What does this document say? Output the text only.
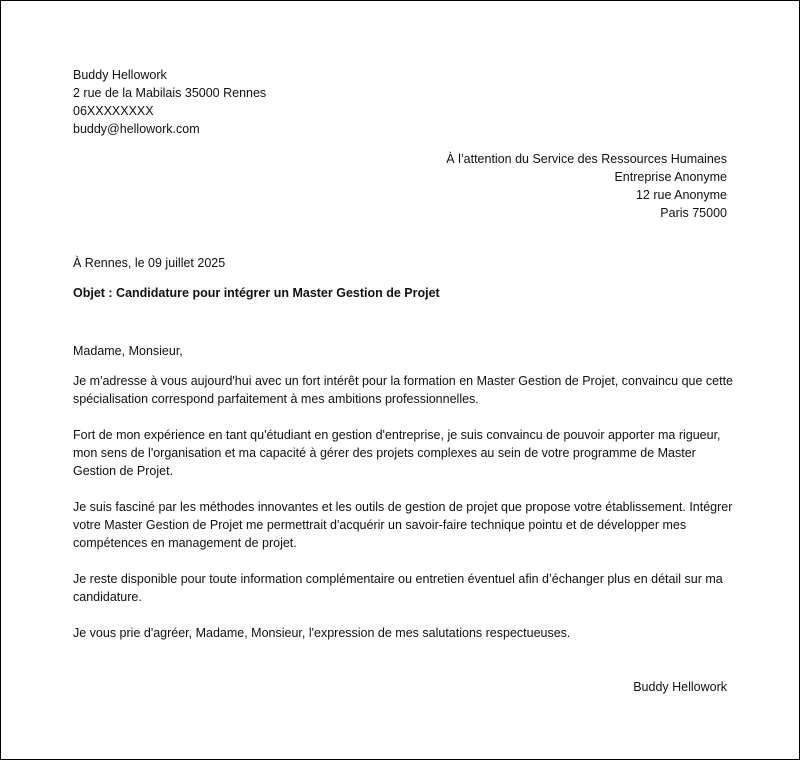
Buddy Hellowork
2 rue de la Mabilais 35000 Rennes
06XXXXXXXX
buddy@hellowork.com
À l’attention du Service des Ressources Humaines
Entreprise Anonyme
12 rue Anonyme
Paris 75000
À Rennes, le 09 juillet 2025
Objet : Candidature pour intégrer un Master Gestion de Projet
Madame, Monsieur,

Je m'adresse à vous aujourd'hui avec un fort intérêt pour la formation en Master Gestion de Projet, convaincu que cette spécialisation correspond parfaitement à mes ambitions professionnelles.

Fort de mon expérience en tant qu'étudiant en gestion d'entreprise, je suis convaincu de pouvoir apporter ma rigueur, mon sens de l'organisation et ma capacité à gérer des projets complexes au sein de votre programme de Master Gestion de Projet.

Je suis fasciné par les méthodes innovantes et les outils de gestion de projet que propose votre établissement. Intégrer votre Master Gestion de Projet me permettrait d'acquérir un savoir-faire technique pointu et de développer mes compétences en management de projet.

Je reste disponible pour toute information complémentaire ou entretien éventuel afin d’échanger plus en détail sur ma candidature.

Je vous prie d'agréer, Madame, Monsieur, l'expression de mes salutations respectueuses.

Buddy Hellowork
